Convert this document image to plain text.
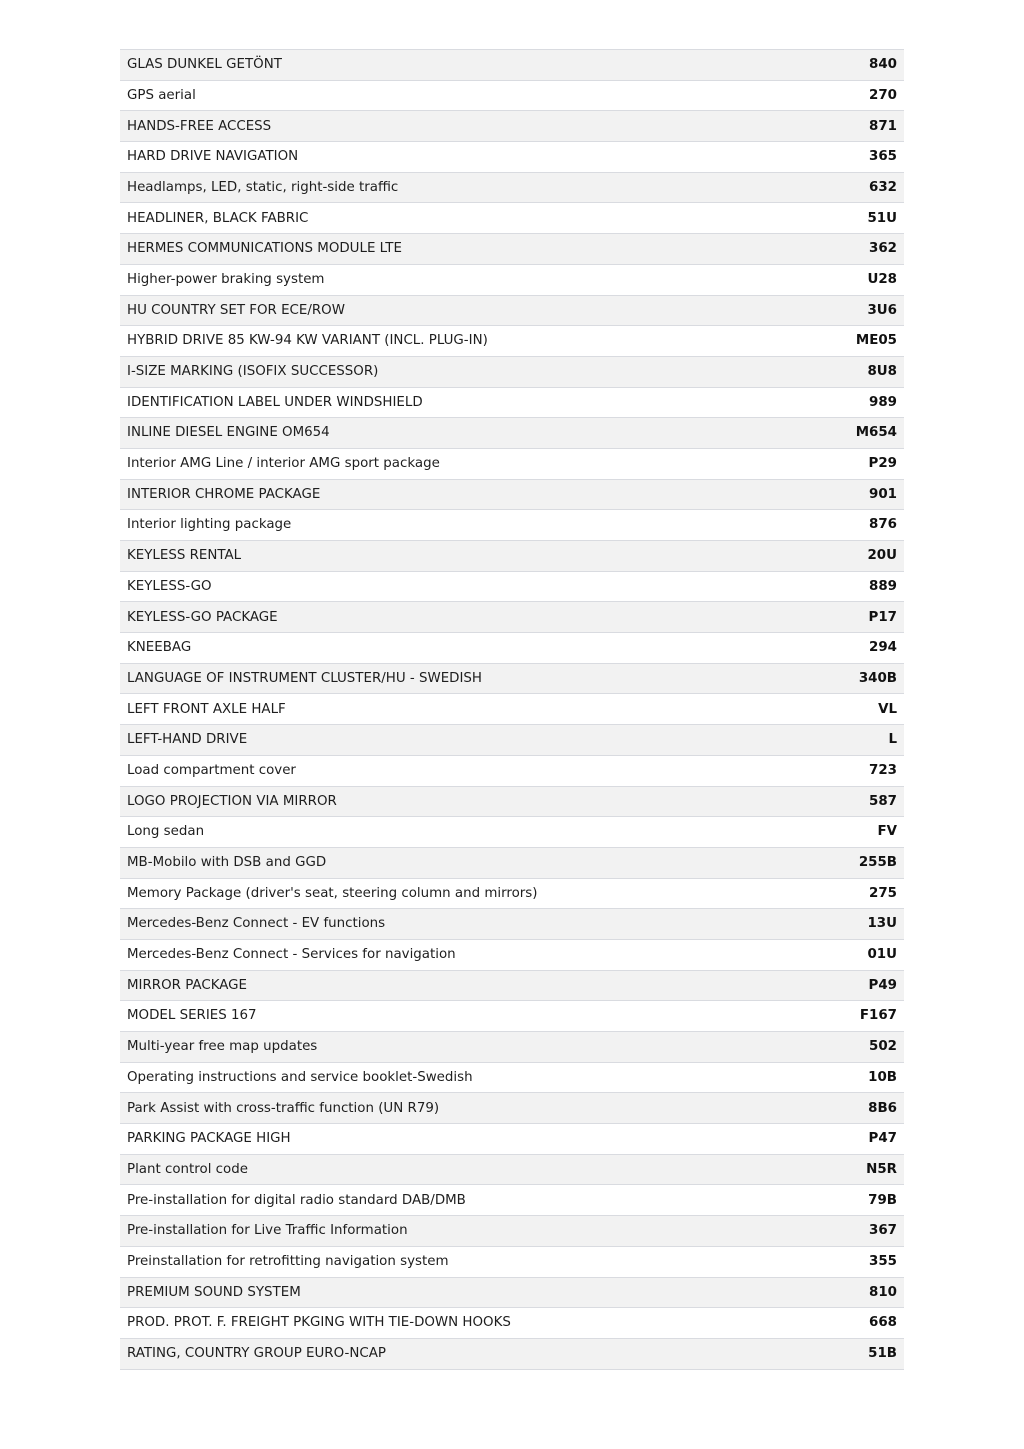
GLAS DUNKEL GETÖNT	840
GPS aerial	270
HANDS-FREE ACCESS	871
HARD DRIVE NAVIGATION	365
Headlamps, LED, static, right-side traffic	632
HEADLINER, BLACK FABRIC	51U
HERMES COMMUNICATIONS MODULE LTE	362
Higher-power braking system	U28
HU COUNTRY SET FOR ECE/ROW	3U6
HYBRID DRIVE 85 KW-94 KW VARIANT (INCL. PLUG-IN)	ME05
I-SIZE MARKING (ISOFIX SUCCESSOR)	8U8
IDENTIFICATION LABEL UNDER WINDSHIELD	989
INLINE DIESEL ENGINE OM654	M654
Interior AMG Line / interior AMG sport package	P29
INTERIOR CHROME PACKAGE	901
Interior lighting package	876
KEYLESS RENTAL	20U
KEYLESS-GO	889
KEYLESS-GO PACKAGE	P17
KNEEBAG	294
LANGUAGE OF INSTRUMENT CLUSTER/HU - SWEDISH	340B
LEFT FRONT AXLE HALF	VL
LEFT-HAND DRIVE	L
Load compartment cover	723
LOGO PROJECTION VIA MIRROR	587
Long sedan	FV
MB-Mobilo with DSB and GGD	255B
Memory Package (driver's seat, steering column and mirrors)	275
Mercedes-Benz Connect - EV functions	13U
Mercedes-Benz Connect - Services for navigation	01U
MIRROR PACKAGE	P49
MODEL SERIES 167	F167
Multi-year free map updates	502
Operating instructions and service booklet-Swedish	10B
Park Assist with cross-traffic function (UN R79)	8B6
PARKING PACKAGE HIGH	P47
Plant control code	N5R
Pre-installation for digital radio standard DAB/DMB	79B
Pre-installation for Live Traffic Information	367
Preinstallation for retrofitting navigation system	355
PREMIUM SOUND SYSTEM	810
PROD. PROT. F. FREIGHT PKGING WITH TIE-DOWN HOOKS	668
RATING, COUNTRY GROUP EURO-NCAP	51B
